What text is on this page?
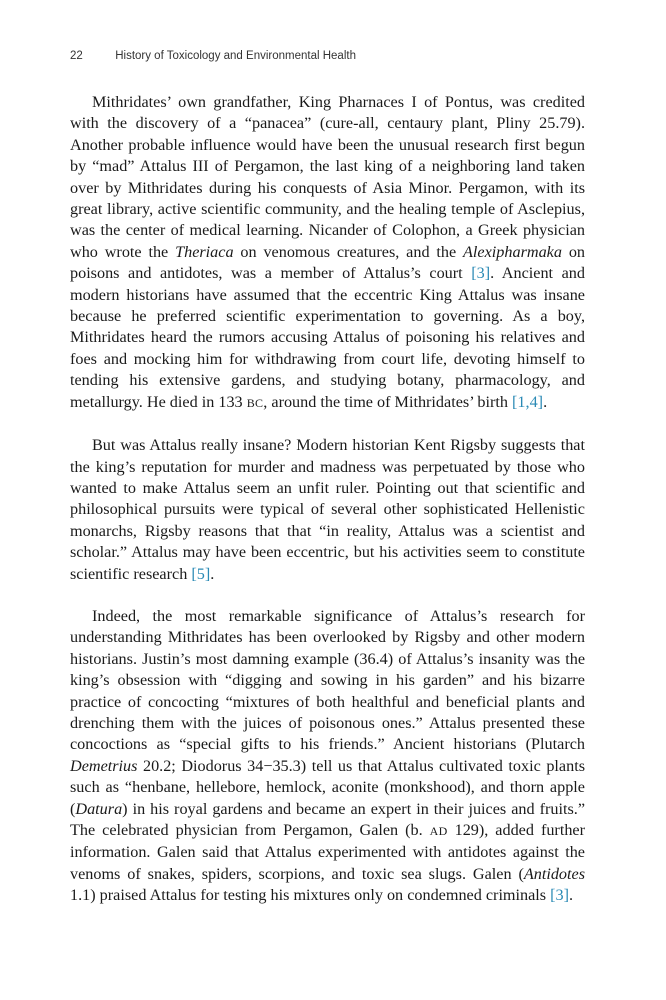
22	History of Toxicology and Environmental Health

Mithridates’ own grandfather, King Pharnaces I of Pontus, was credited with the discovery of a “panacea” (cure-all, centaury plant, Pliny 25.79). Another probable influence would have been the unusual research first begun by “mad” Attalus III of Pergamon, the last king of a neighboring land taken over by Mithridates during his conquests of Asia Minor. Pergamon, with its great library, active scientific community, and the healing temple of Asclepius, was the center of medical learning. Nicander of Colophon, a Greek physician who wrote the Theriaca on venomous creatures, and the Alexipharmaka on poisons and antidotes, was a member of Attalus’s court [3]. Ancient and modern historians have assumed that the eccentric King Attalus was insane because he preferred scientific experimentation to governing. As a boy, Mithridates heard the rumors accusing Attalus of poisoning his relatives and foes and mocking him for withdrawing from court life, devoting himself to tending his extensive gardens, and studying botany, pharmacology, and metallurgy. He died in 133 BC, around the time of Mithridates’ birth [1,4].

But was Attalus really insane? Modern historian Kent Rigsby suggests that the king’s reputation for murder and madness was perpetuated by those who wanted to make Attalus seem an unfit ruler. Pointing out that scientific and philosophical pursuits were typical of several other sophisticated Hellenistic monarchs, Rigsby reasons that that “in reality, Attalus was a scientist and scholar.” Attalus may have been eccentric, but his activities seem to constitute scientific research [5].

Indeed, the most remarkable significance of Attalus’s research for understanding Mithridates has been overlooked by Rigsby and other modern historians. Justin’s most damning example (36.4) of Attalus’s insanity was the king’s obsession with “digging and sowing in his garden” and his bizarre practice of concocting “mixtures of both healthful and beneficial plants and drenching them with the juices of poisonous ones.” Attalus presented these concoctions as “special gifts to his friends.” Ancient historians (Plutarch Demetrius 20.2; Diodorus 34−35.3) tell us that Attalus cultivated toxic plants such as “henbane, hellebore, hemlock, aconite (monkshood), and thorn apple (Datura) in his royal gardens and became an expert in their juices and fruits.” The celebrated physician from Pergamon, Galen (b. AD 129), added further information. Galen said that Attalus experimented with antidotes against the venoms of snakes, spiders, scorpions, and toxic sea slugs. Galen (Antidotes 1.1) praised Attalus for testing his mixtures only on condemned criminals [3].
